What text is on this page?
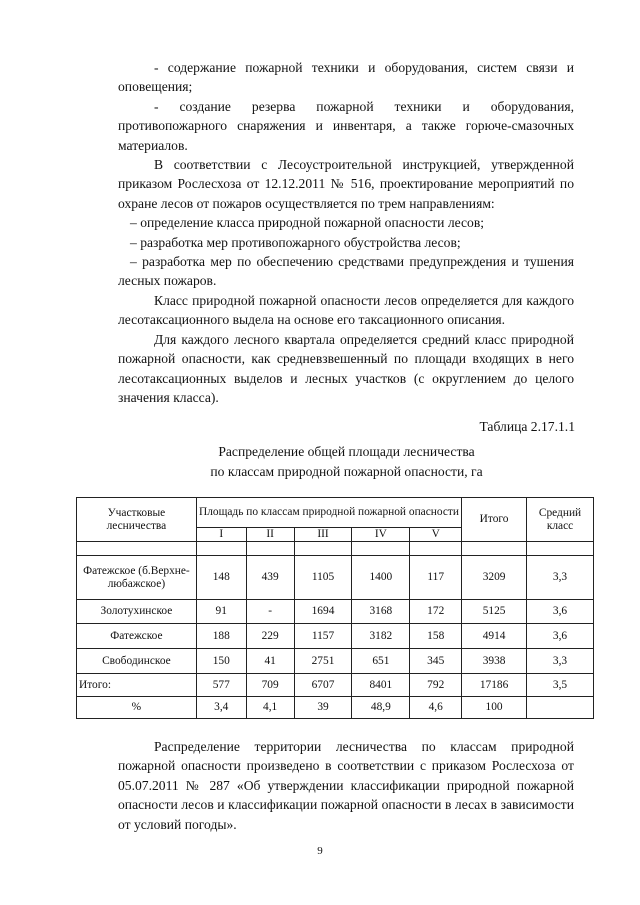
- содержание пожарной техники и оборудования, систем связи и оповещения;

- создание резерва пожарной техники и оборудования, противопожарного снаряжения и инвентаря, а также горюче-смазочных материалов.

В соответствии с Лесоустроительной инструкцией, утвержденной приказом Рослесхоза от 12.12.2011 № 516, проектирование мероприятий по охране лесов от пожаров осуществляется по трем направлениям:

– определение класса природной пожарной опасности лесов;

– разработка мер противопожарного обустройства лесов;

– разработка мер по обеспечению средствами предупреждения и тушения лесных пожаров.

Класс природной пожарной опасности лесов определяется для каждого лесотаксационного выдела на основе его таксационного описания.

Для каждого лесного квартала определяется средний класс природной пожарной опасности, как средневзвешенный по площади входящих в него лесотаксационных выделов и лесных участков (с округлением до целого значения класса).

Таблица 2.17.1.1
Распределение общей площади лесничества
по классам природной пожарной опасности, га
Участковые лесничества	Площадь по классам природной пожарной опасности					Итого	Средний класс
	I	II	III	IV	V		

Фатежское (б.Верхне-любажское)	148	439	1105	1400	117	3209	3,3
Золотухинское	91	-	1694	3168	172	5125	3,6
Фатежское	188	229	1157	3182	158	4914	3,6
Свободинское	150	41	2751	651	345	3938	3,3
Итого:	577	709	6707	8401	792	17186	3,5
%	3,4	4,1	39	48,9	4,6	100	

Распределение территории лесничества по классам природной пожарной опасности произведено в соответствии с приказом Рослесхоза от 05.07.2011 № 287 «Об утверждении классификации природной пожарной опасности лесов и классификации пожарной опасности в лесах в зависимости от условий погоды».

9
